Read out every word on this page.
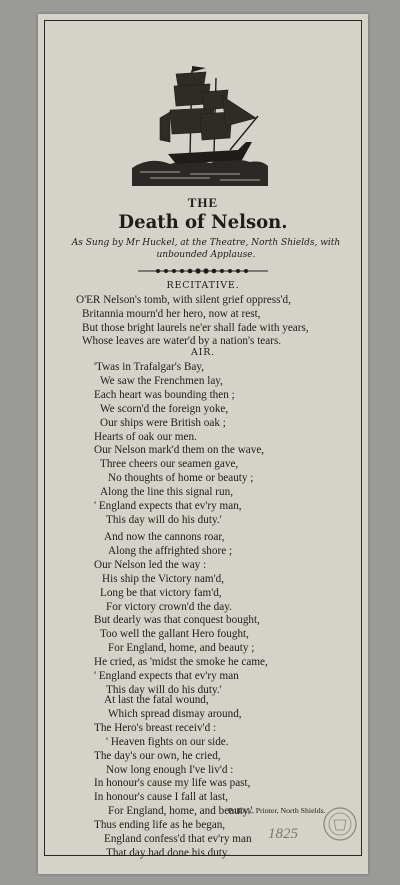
THE
Death of Nelson.
As Sung by Mr Huckel, at the Theatre, North Shields, with unbounded Applause.
Pollock, Printer, North Shields.
1825
RECITATIVE.
O'ER Nelson's tomb, with silent grief oppress'd,
Britannia mourn'd her hero, now at rest,
But those bright laurels ne'er shall fade with years,
Whose leaves are water'd by a nation's tears.
AIR.
'Twas in Trafalgar's Bay,
We saw the Frenchmen lay,
Each heart was bounding then ;
We scorn'd the foreign yoke,
Our ships were British oak ;
Hearts of oak our men.
Our Nelson mark'd them on the wave,
Three cheers our seamen gave,
No thoughts of home or beauty ;
Along the line this signal run,
' England expects that ev'ry man,
This day will do his duty.'
And now the cannons roar,
Along the affrighted shore ;
Our Nelson led the way :
His ship the Victory nam'd,
Long be that victory fam'd,
For victory crown'd the day.
But dearly was that conquest bought,
Too well the gallant Hero fought,
For England, home, and beauty ;
He cried, as 'midst the smoke he came,
' England expects that ev'ry man
This day will do his duty.'
At last the fatal wound,
Which spread dismay around,
The Hero's breast receiv'd :
' Heaven fights on our side.
The day's our own, he cried,
Now long enough I've liv'd :
In honour's cause my life was past,
In honour's cause I fall at last,
For England, home, and beauty.'
Thus ending life as he began,
England confess'd that ev'ry man
That day had done his duty.
